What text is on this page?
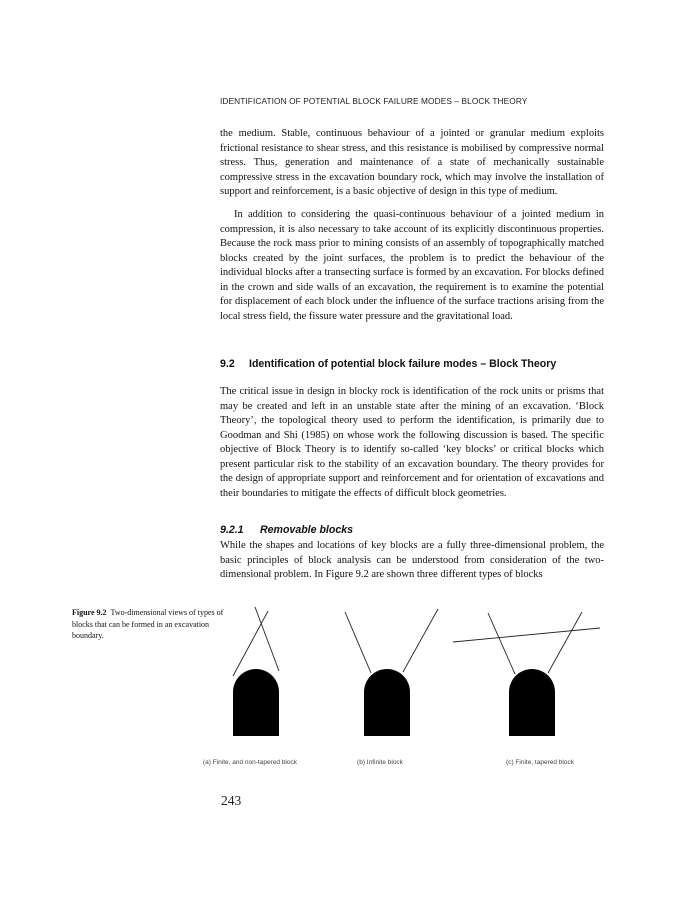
IDENTIFICATION OF POTENTIAL BLOCK FAILURE MODES – BLOCK THEORY

the medium. Stable, continuous behaviour of a jointed or granular medium exploits frictional resistance to shear stress, and this resistance is mobilised by compressive normal stress. Thus, generation and maintenance of a state of mechanically sustainable compressive stress in the excavation boundary rock, which may involve the installation of support and reinforcement, is a basic objective of design in this type of medium.

In addition to considering the quasi-continuous behaviour of a jointed medium in compression, it is also necessary to take account of its explicitly discontinuous properties. Because the rock mass prior to mining consists of an assembly of topographically matched blocks created by the joint surfaces, the problem is to predict the behaviour of the individual blocks after a transecting surface is formed by an excavation. For blocks defined in the crown and side walls of an excavation, the requirement is to examine the potential for displacement of each block under the influence of the surface tractions arising from the local stress field, the fissure water pressure and the gravitational load.

9.2 Identification of potential block failure modes – Block Theory

The critical issue in design in blocky rock is identification of the rock units or prisms that may be created and left in an unstable state after the mining of an excavation. ‘Block Theory’, the topological theory used to perform the identification, is primarily due to Goodman and Shi (1985) on whose work the following discussion is based. The specific objective of Block Theory is to identify so-called ‘key blocks’ or critical blocks which present particular risk to the stability of an excavation boundary. The theory provides for the design of appropriate support and reinforcement and for orientation of excavations and their boundaries to mitigate the effects of difficult block geometries.

9.2.1 Removable blocks

While the shapes and locations of key blocks are a fully three-dimensional problem, the basic principles of block analysis can be understood from consideration of the two-dimensional problem. In Figure 9.2 are shown three different types of blocks

Figure 9.2 Two-dimensional views of types of blocks that can be formed in an excavation boundary.
(a) Finite, and non-tapered block	(b) Infinite block	(c) Finite, tapered block
243
